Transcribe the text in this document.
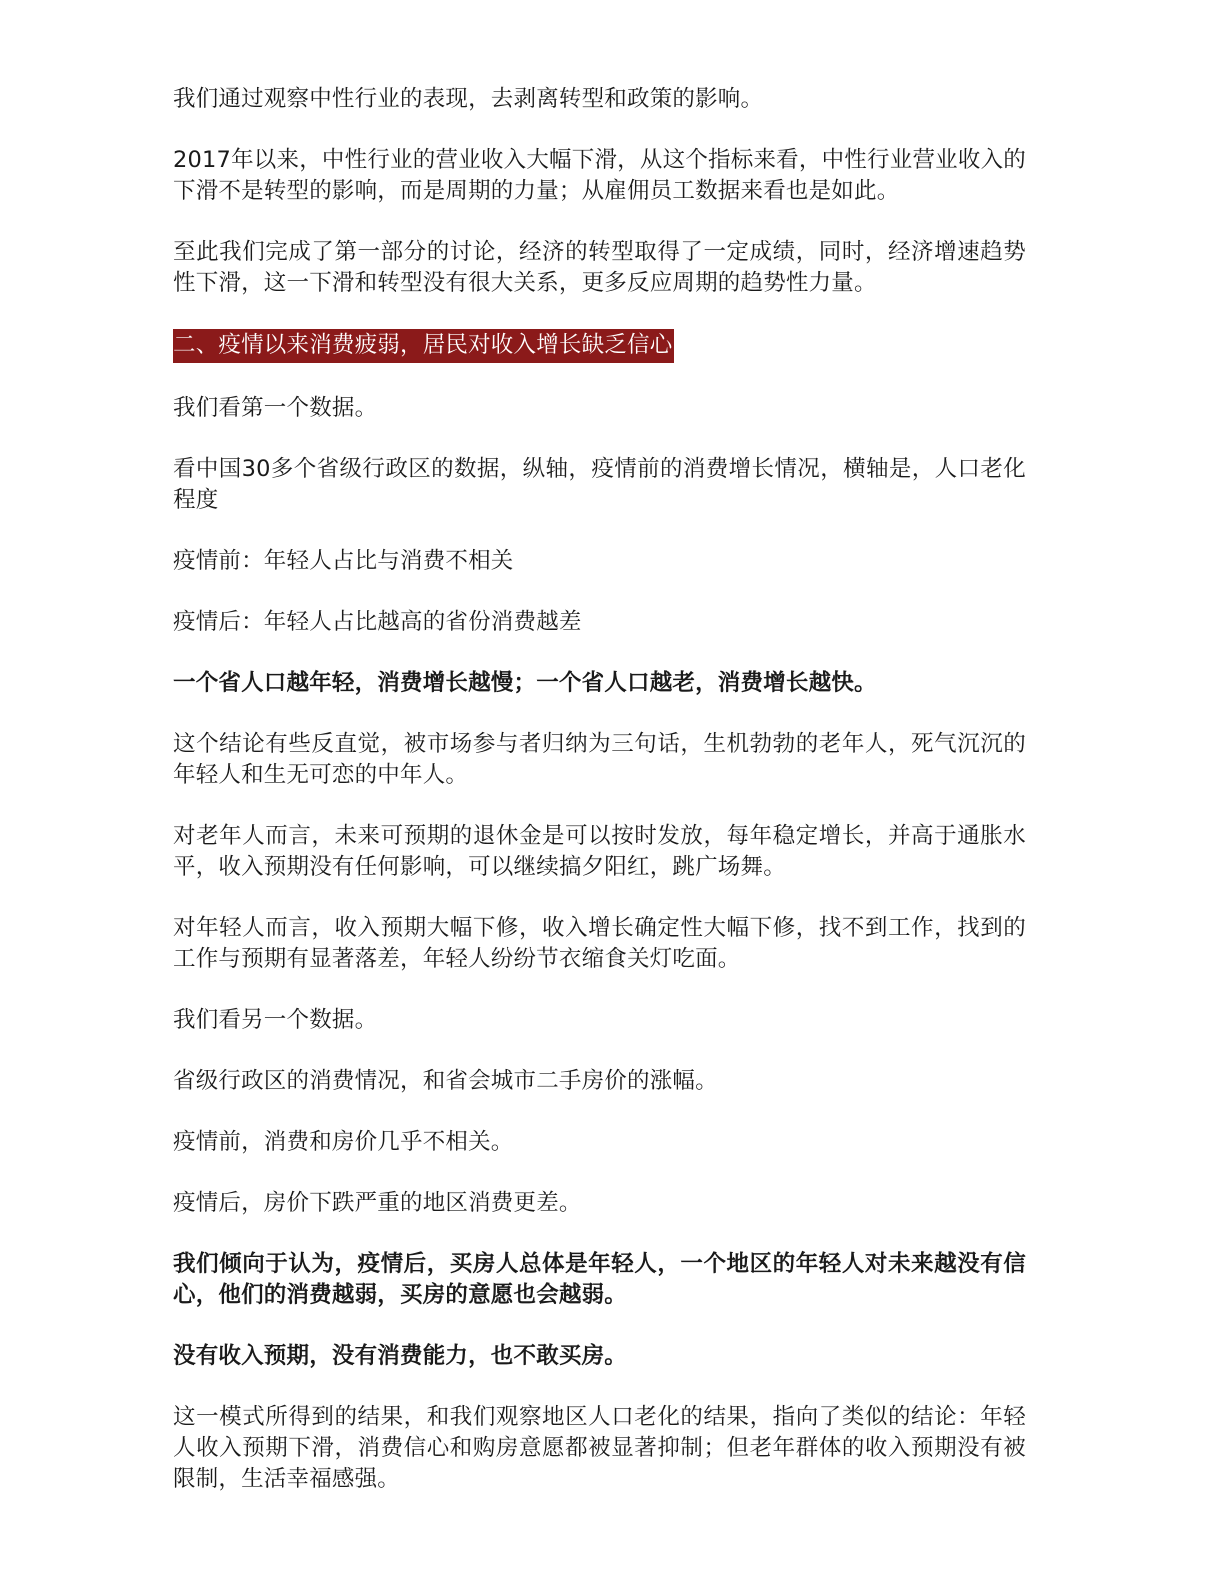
我们通过观察中性行业的表现，去剥离转型和政策的影响。

2017年以来，中性行业的营业收入大幅下滑，从这个指标来看，中性行业营业收入的下滑不是转型的影响，而是周期的力量；从雇佣员工数据来看也是如此。

至此我们完成了第一部分的讨论，经济的转型取得了一定成绩，同时，经济增速趋势性下滑，这一下滑和转型没有很大关系，更多反应周期的趋势性力量。

二、疫情以来消费疲弱，居民对收入增长缺乏信心

我们看第一个数据。

看中国30多个省级行政区的数据，纵轴，疫情前的消费增长情况，横轴是，人口老化程度

疫情前：年轻人占比与消费不相关

疫情后：年轻人占比越高的省份消费越差

一个省人口越年轻，消费增长越慢；一个省人口越老，消费增长越快。

这个结论有些反直觉，被市场参与者归纳为三句话，生机勃勃的老年人，死气沉沉的年轻人和生无可恋的中年人。

对老年人而言，未来可预期的退休金是可以按时发放，每年稳定增长，并高于通胀水平，收入预期没有任何影响，可以继续搞夕阳红，跳广场舞。

对年轻人而言，收入预期大幅下修，收入增长确定性大幅下修，找不到工作，找到的工作与预期有显著落差，年轻人纷纷节衣缩食关灯吃面。

我们看另一个数据。

省级行政区的消费情况，和省会城市二手房价的涨幅。

疫情前，消费和房价几乎不相关。

疫情后，房价下跌严重的地区消费更差。

我们倾向于认为，疫情后，买房人总体是年轻人，一个地区的年轻人对未来越没有信心，他们的消费越弱，买房的意愿也会越弱。

没有收入预期，没有消费能力，也不敢买房。

这一模式所得到的结果，和我们观察地区人口老化的结果，指向了类似的结论：年轻人收入预期下滑，消费信心和购房意愿都被显著抑制；但老年群体的收入预期没有被限制，生活幸福感强。
